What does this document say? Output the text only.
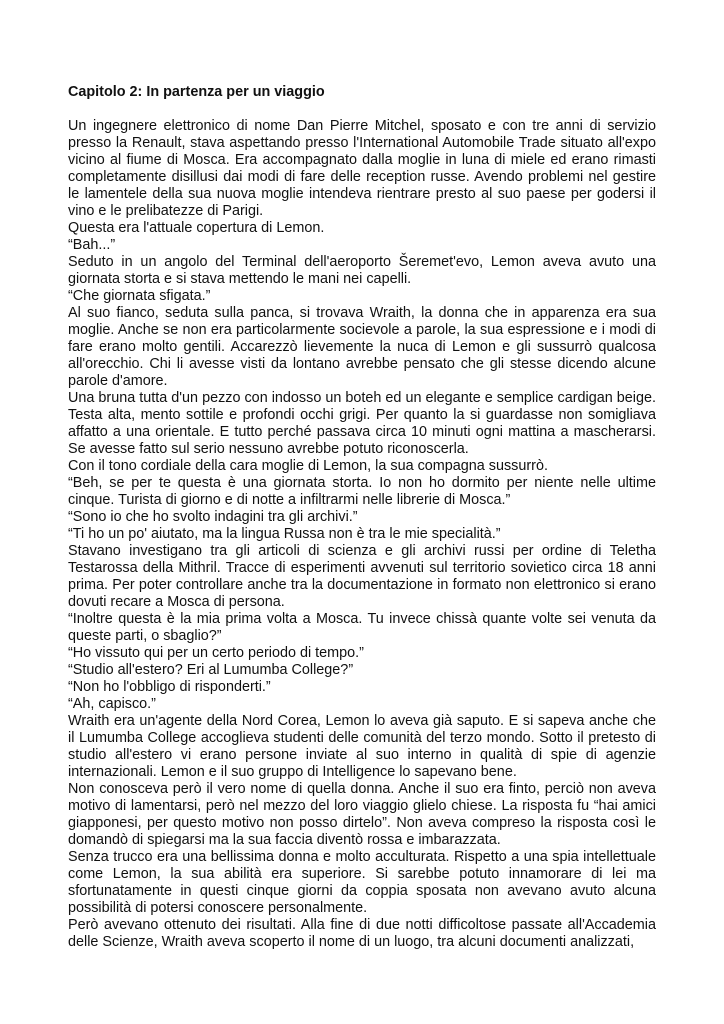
Capitolo 2: In partenza per un viaggio

Un ingegnere elettronico di nome Dan Pierre Mitchel, sposato e con tre anni di servizio presso la Renault, stava aspettando presso l'International Automobile Trade situato all'expo vicino al fiume di Mosca. Era accompagnato dalla moglie in luna di miele ed erano rimasti completamente disillusi dai modi di fare delle reception russe. Avendo problemi nel gestire le lamentele della sua nuova moglie intendeva rientrare presto al suo paese per godersi il vino e le prelibatezze di Parigi.

Questa era l'attuale copertura di Lemon.

“Bah...”

Seduto in un angolo del Terminal dell'aeroporto Šeremet'evo, Lemon aveva avuto una giornata storta e si stava mettendo le mani nei capelli.

“Che giornata sfigata.”

Al suo fianco, seduta sulla panca, si trovava Wraith, la donna che in apparenza era sua moglie. Anche se non era particolarmente socievole a parole, la sua espressione e i modi di fare erano molto gentili. Accarezzò lievemente la nuca di Lemon e gli sussurrò qualcosa all'orecchio. Chi li avesse visti da lontano avrebbe pensato che gli stesse dicendo alcune parole d'amore.

Una bruna tutta d'un pezzo con indosso un boteh ed un elegante e semplice cardigan beige. Testa alta, mento sottile e profondi occhi grigi. Per quanto la si guardasse non somigliava affatto a una orientale. E tutto perché passava circa 10 minuti ogni mattina a mascherarsi. Se avesse fatto sul serio nessuno avrebbe potuto riconoscerla.

Con il tono cordiale della cara moglie di Lemon, la sua compagna sussurrò.

“Beh, se per te questa è una giornata storta. Io non ho dormito per niente nelle ultime cinque. Turista di giorno e di notte a infiltrarmi nelle librerie di Mosca.”

“Sono io che ho svolto indagini tra gli archivi.”

“Ti ho un po' aiutato, ma la lingua Russa non è tra le mie specialità.”

Stavano investigano tra gli articoli di scienza e gli archivi russi per ordine di Teletha Testarossa della Mithril. Tracce di esperimenti avvenuti sul territorio sovietico circa 18 anni prima. Per poter controllare anche tra la documentazione in formato non elettronico si erano dovuti recare a Mosca di persona.

“Inoltre questa è la mia prima volta a Mosca. Tu invece chissà quante volte sei venuta da queste parti, o sbaglio?”

“Ho vissuto qui per un certo periodo di tempo.”

“Studio all'estero? Eri al Lumumba College?”

“Non ho l'obbligo di risponderti.”

“Ah, capisco.”

Wraith era un'agente della Nord Corea, Lemon lo aveva già saputo. E si sapeva anche che il Lumumba College accoglieva studenti delle comunità del terzo mondo. Sotto il pretesto di studio all'estero vi erano persone inviate al suo interno in qualità di spie di agenzie internazionali. Lemon e il suo gruppo di Intelligence lo sapevano bene.

Non conosceva però il vero nome di quella donna. Anche il suo era finto, perciò non aveva motivo di lamentarsi, però nel mezzo del loro viaggio glielo chiese. La risposta fu “hai amici giapponesi, per questo motivo non posso dirtelo”. Non aveva compreso la risposta così le domandò di spiegarsi ma la sua faccia diventò rossa e imbarazzata.

Senza trucco era una bellissima donna e molto acculturata. Rispetto a una spia intellettuale come Lemon, la sua abilità era superiore. Si sarebbe potuto innamorare di lei ma sfortunatamente in questi cinque giorni da coppia sposata non avevano avuto alcuna possibilità di potersi conoscere personalmente.

Però avevano ottenuto dei risultati. Alla fine di due notti difficoltose passate all'Accademia delle Scienze, Wraith aveva scoperto il nome di un luogo, tra alcuni documenti analizzati,
